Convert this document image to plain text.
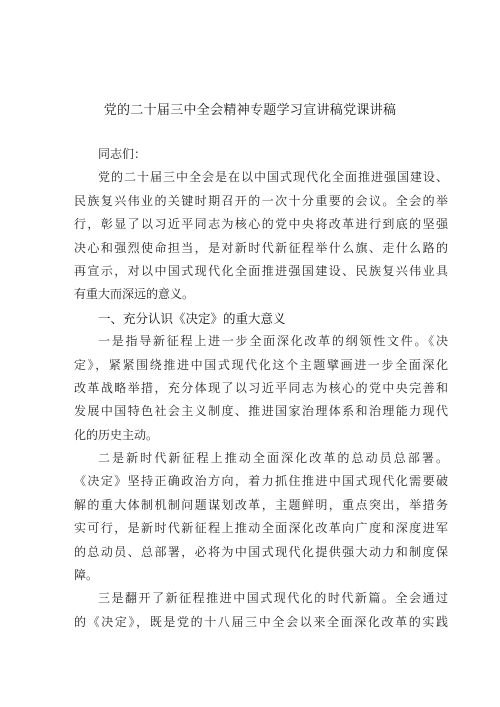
党的二十届三中全会精神专题学习宣讲稿党课讲稿
同志们：
党的二十届三中全会是在以中国式现代化全面推进强国建设、
民族复兴伟业的关键时期召开的一次十分重要的会议。全会的举
行，彰显了以习近平同志为核心的党中央将改革进行到底的坚强
决心和强烈使命担当，是对新时代新征程举什么旗、走什么路的
再宣示，对以中国式现代化全面推进强国建设、民族复兴伟业具
有重大而深远的意义。
一、充分认识《决定》的重大意义
一是指导新征程上进一步全面深化改革的纲领性文件。《决
定》，紧紧围绕推进中国式现代化这个主题擘画进一步全面深化
改革战略举措，充分体现了以习近平同志为核心的党中央完善和
发展中国特色社会主义制度、推进国家治理体系和治理能力现代
化的历史主动。
二是新时代新征程上推动全面深化改革的总动员总部署。
《决定》坚持正确政治方向，着力抓住推进中国式现代化需要破
解的重大体制机制问题谋划改革，主题鲜明，重点突出，举措务
实可行，是新时代新征程上推动全面深化改革向广度和深度进军
的总动员、总部署，必将为中国式现代化提供强大动力和制度保
障。
三是翻开了新征程推进中国式现代化的时代新篇。全会通过
的《决定》，既是党的十八届三中全会以来全面深化改革的实践
